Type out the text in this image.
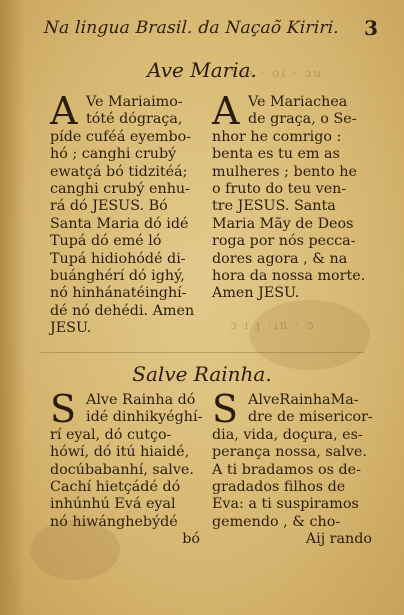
Na lingua Brasil. da Naçaõ Kiriri. 3
ꝛɐꝛ · oı · ɔu
Ave Maria.
A Ve Mariaimo-
tóté dógraça,
píde cuféá eyembo-
hó ; canghi crubý
ewatçá bó tidzitéá;
canghi crubý enhu-
rá dó JESUS. Bó
Santa Maria dó idé
Tupá dó emé ló
Tupá hidiohódé di-
buánghérí dó ighý,
nó hinhánatéinghí-
dé nó dehédi. Amen
JESU.
A Ve Mariachea
de graça, o Se-
nhor he comrigo :
benta es tu em as
mulheres ; bento he
o fruto do teu ven-
tre JESUS. Santa
Maria Mãy de Deos
roga por nós pecca-
dores agora , & na
hora da nossa morte.
Amen JESU.
ɔ ı ɟ :ın · ɔ
Salve Rainha.
S Alve Rainha dó
idé dinhikyéghí-
rí eyal, dó cutço-
hówí, dó itú hiaidé,
docúbabanhí, salve.
Cachí hietçádé dó
inhúnhú Evá eyal
nó hiwánghebýdé
bó
S AlveRainhaMa-
dre de misericor-
dia, vida, doçura, es-
perança nossa, salve.
A ti bradamos os de-
gradados filhos de
Eva: a ti suspiramos
gemendo , & cho-
Aij rando
